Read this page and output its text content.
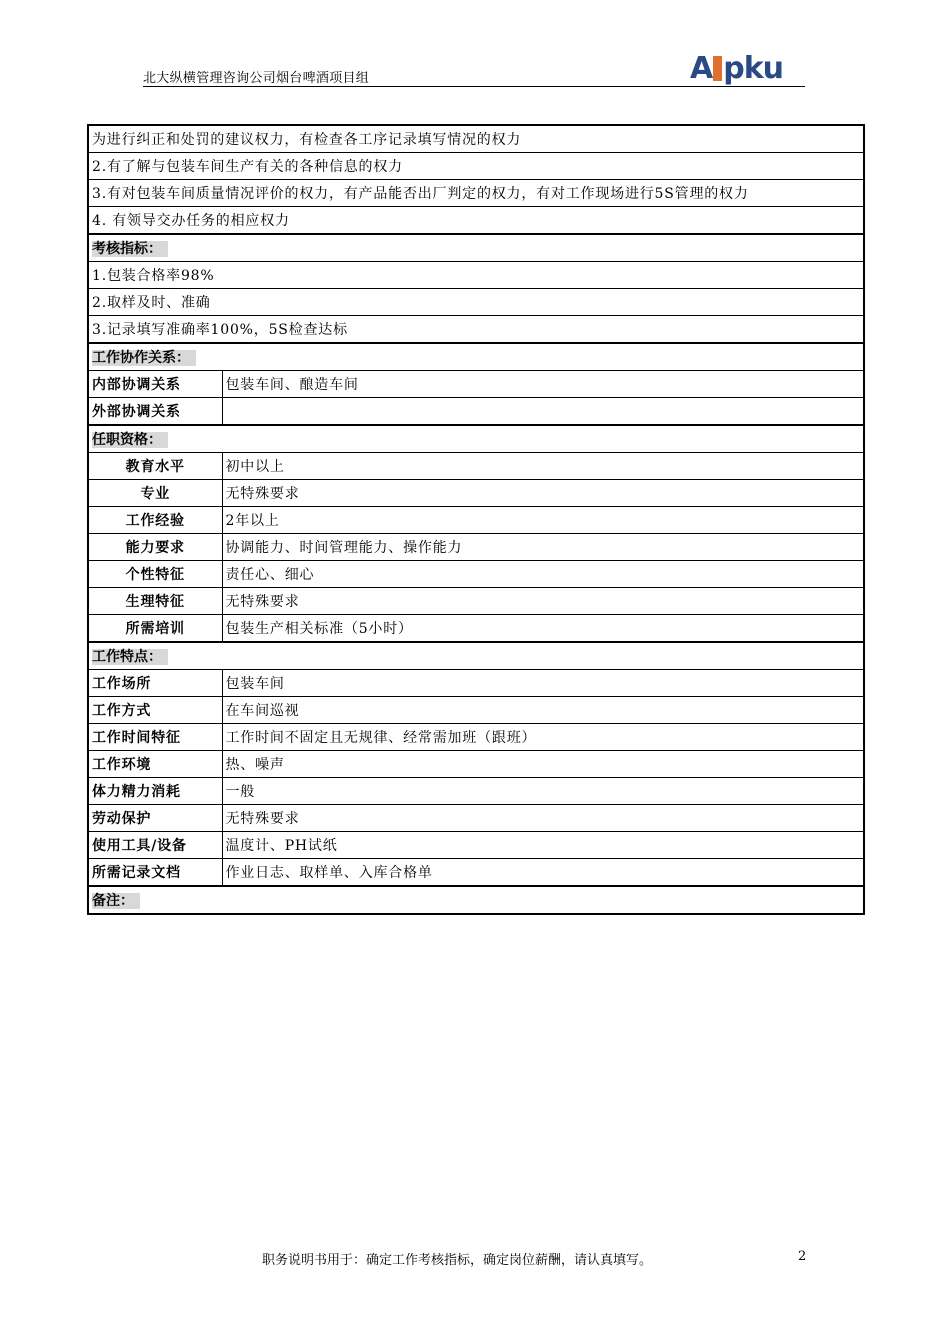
北大纵横管理咨询公司烟台啤酒项目组	A pku
为进行纠正和处罚的建议权力，有检查各工序记录填写情况的权力	
2.有了解与包装车间生产有关的各种信息的权力	
3.有对包装车间质量情况评价的权力，有产品能否出厂判定的权力，有对工作现场进行5S管理的权力	
4. 有领导交办任务的相应权力	
考核指标：	
1.包装合格率98%	
2.取样及时、准确	
3.记录填写准确率100%，5S检查达标	
工作协作关系：	
内部协调关系	包装车间、酿造车间
外部协调关系	
任职资格：	
教育水平	初中以上
专业	无特殊要求
工作经验	2年以上
能力要求	协调能力、时间管理能力、操作能力
个性特征	责任心、细心
生理特征	无特殊要求
所需培训	包装生产相关标准（5小时）
工作特点：	
工作场所	包装车间
工作方式	在车间巡视
工作时间特征	工作时间不固定且无规律、经常需加班（跟班）
工作环境	热、噪声
体力精力消耗	一般
劳动保护	无特殊要求
使用工具/设备	温度计、PH试纸
所需记录文档	作业日志、取样单、入库合格单
备注：	
职务说明书用于：确定工作考核指标，确定岗位薪酬，请认真填写。	2
